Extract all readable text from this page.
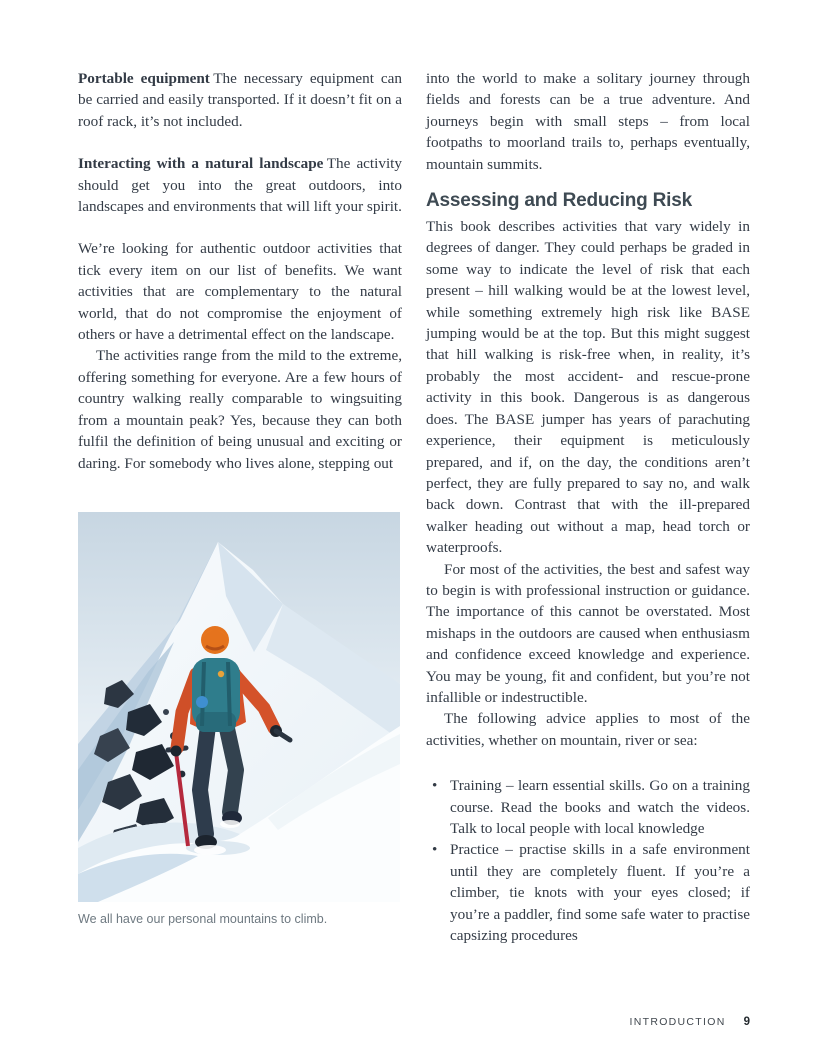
Portable equipment The necessary equipment can be carried and easily transported. If it doesn’t fit on a roof rack, it’s not included.

Interacting with a natural landscape The activity should get you into the great outdoors, into landscapes and environments that will lift your spirit.

We’re looking for authentic outdoor activities that tick every item on our list of benefits. We want activities that are complementary to the natural world, that do not compromise the enjoyment of others or have a detrimental effect on the landscape.

The activities range from the mild to the extreme, offering something for everyone. Are a few hours of country walking really comparable to wingsuiting from a mountain peak? Yes, because they can both fulfil the definition of being unusual and exciting or daring. For somebody who lives alone, stepping out

We all have our personal mountains to climb.

into the world to make a solitary journey through fields and forests can be a true adventure. And journeys begin with small steps – from local footpaths to moorland trails to, perhaps eventually, mountain summits.

Assessing and Reducing Risk

This book describes activities that vary widely in degrees of danger. They could perhaps be graded in some way to indicate the level of risk that each present – hill walking would be at the lowest level, while something extremely high risk like BASE jumping would be at the top. But this might suggest that hill walking is risk-free when, in reality, it’s probably the most accident- and rescue-prone activity in this book. Dangerous is as dangerous does. The BASE jumper has years of parachuting experience, their equipment is meticulously prepared, and if, on the day, the conditions aren’t perfect, they are fully prepared to say no, and walk back down. Contrast that with the ill-prepared walker heading out without a map, head torch or waterproofs.

For most of the activities, the best and safest way to begin is with professional instruction or guidance. The importance of this cannot be overstated. Most mishaps in the outdoors are caused when enthusiasm and confidence exceed knowledge and experience. You may be young, fit and confident, but you’re not infallible or indestructible.

The following advice applies to most of the activities, whether on mountain, river or sea:

• Training – learn essential skills. Go on a training course. Read the books and watch the videos. Talk to local people with local knowledge
• Practice – practise skills in a safe environment until they are completely fluent. If you’re a climber, tie knots with your eyes closed; if you’re a paddler, find some safe water to practise capsizing procedures
INTRODUCTION 9
